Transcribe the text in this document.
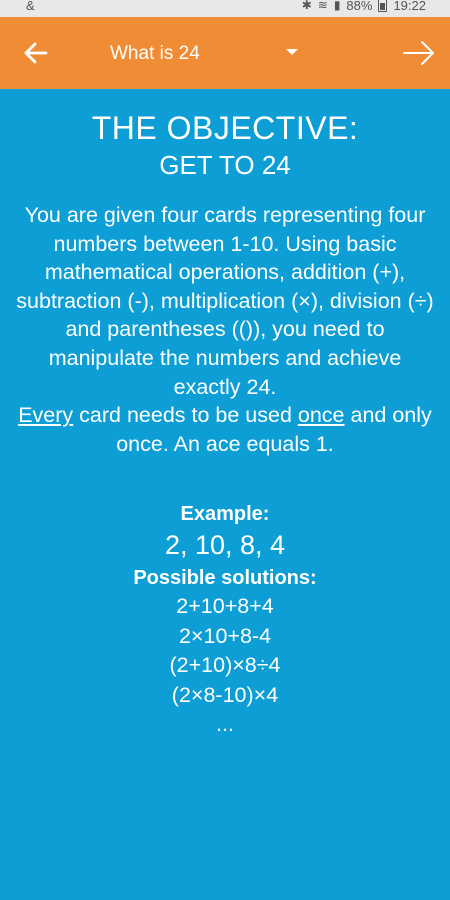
&	✱ ≋ ▮ 88% 19:22
What is 24
THE OBJECTIVE:
GET TO 24
You are given four cards representing four numbers between 1-10. Using basic mathematical operations, addition (+), subtraction (-), multiplication (×), division (÷) and parentheses (()), you need to manipulate the numbers and achieve exactly 24.
Every card needs to be used once and only once. An ace equals 1.
Example:
2, 10, 8, 4
Possible solutions:
2+10+8+4
2×10+8-4
(2+10)×8÷4
(2×8-10)×4
...
